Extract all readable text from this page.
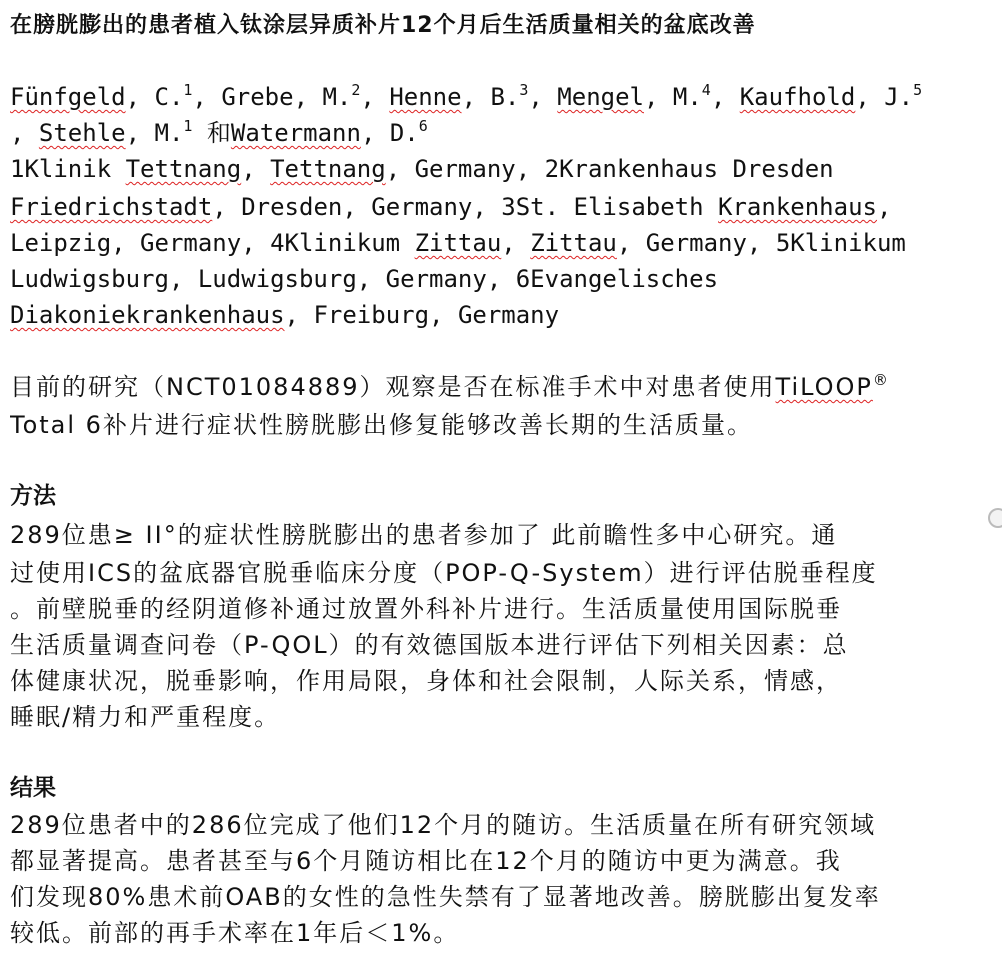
在膀胱膨出的患者植入钛涂层异质补片12个月后生活质量相关的盆底改善
Fünfgeld, C.$^1$, Grebe, M.$^2$, Henne, B.$^3$, Mengel, M.$^4$, Kaufhold, J.$^5$
, Stehle, M.$^1$ 和Watermann, D.$^6$
1Klinik Tettnang, Tettnang, Germany, 2Krankenhaus Dresden
Friedrichstadt, Dresden, Germany, 3St. Elisabeth Krankenhaus,
Leipzig, Germany, 4Klinikum Zittau, Zittau, Germany, 5Klinikum
Ludwigsburg, Ludwigsburg, Germany, 6Evangelisches
Diakoniekrankenhaus, Freiburg, Germany
目前的研究（NCT01084889）观察是否在标准手术中对患者使用TiLOOP®
Total 6补片进行症状性膀胱膨出修复能够改善长期的生活质量。
方法
289位患≥ II°的症状性膀胱膨出的患者参加了 此前瞻性多中心研究。通
过使用ICS的盆底器官脱垂临床分度（POP-Q-System）进行评估脱垂程度
。前壁脱垂的经阴道修补通过放置外科补片进行。生活质量使用国际脱垂
生活质量调查问卷（P-QOL）的有效德国版本进行评估下列相关因素：总
体健康状况，脱垂影响，作用局限，身体和社会限制，人际关系，情感，
睡眠/精力和严重程度。
结果
289位患者中的286位完成了他们12个月的随访。生活质量在所有研究领域
都显著提高。患者甚至与6个月随访相比在12个月的随访中更为满意。我
们发现80%患术前OAB的女性的急性失禁有了显著地改善。膀胱膨出复发率
较低。前部的再手术率在1年后＜1%。
